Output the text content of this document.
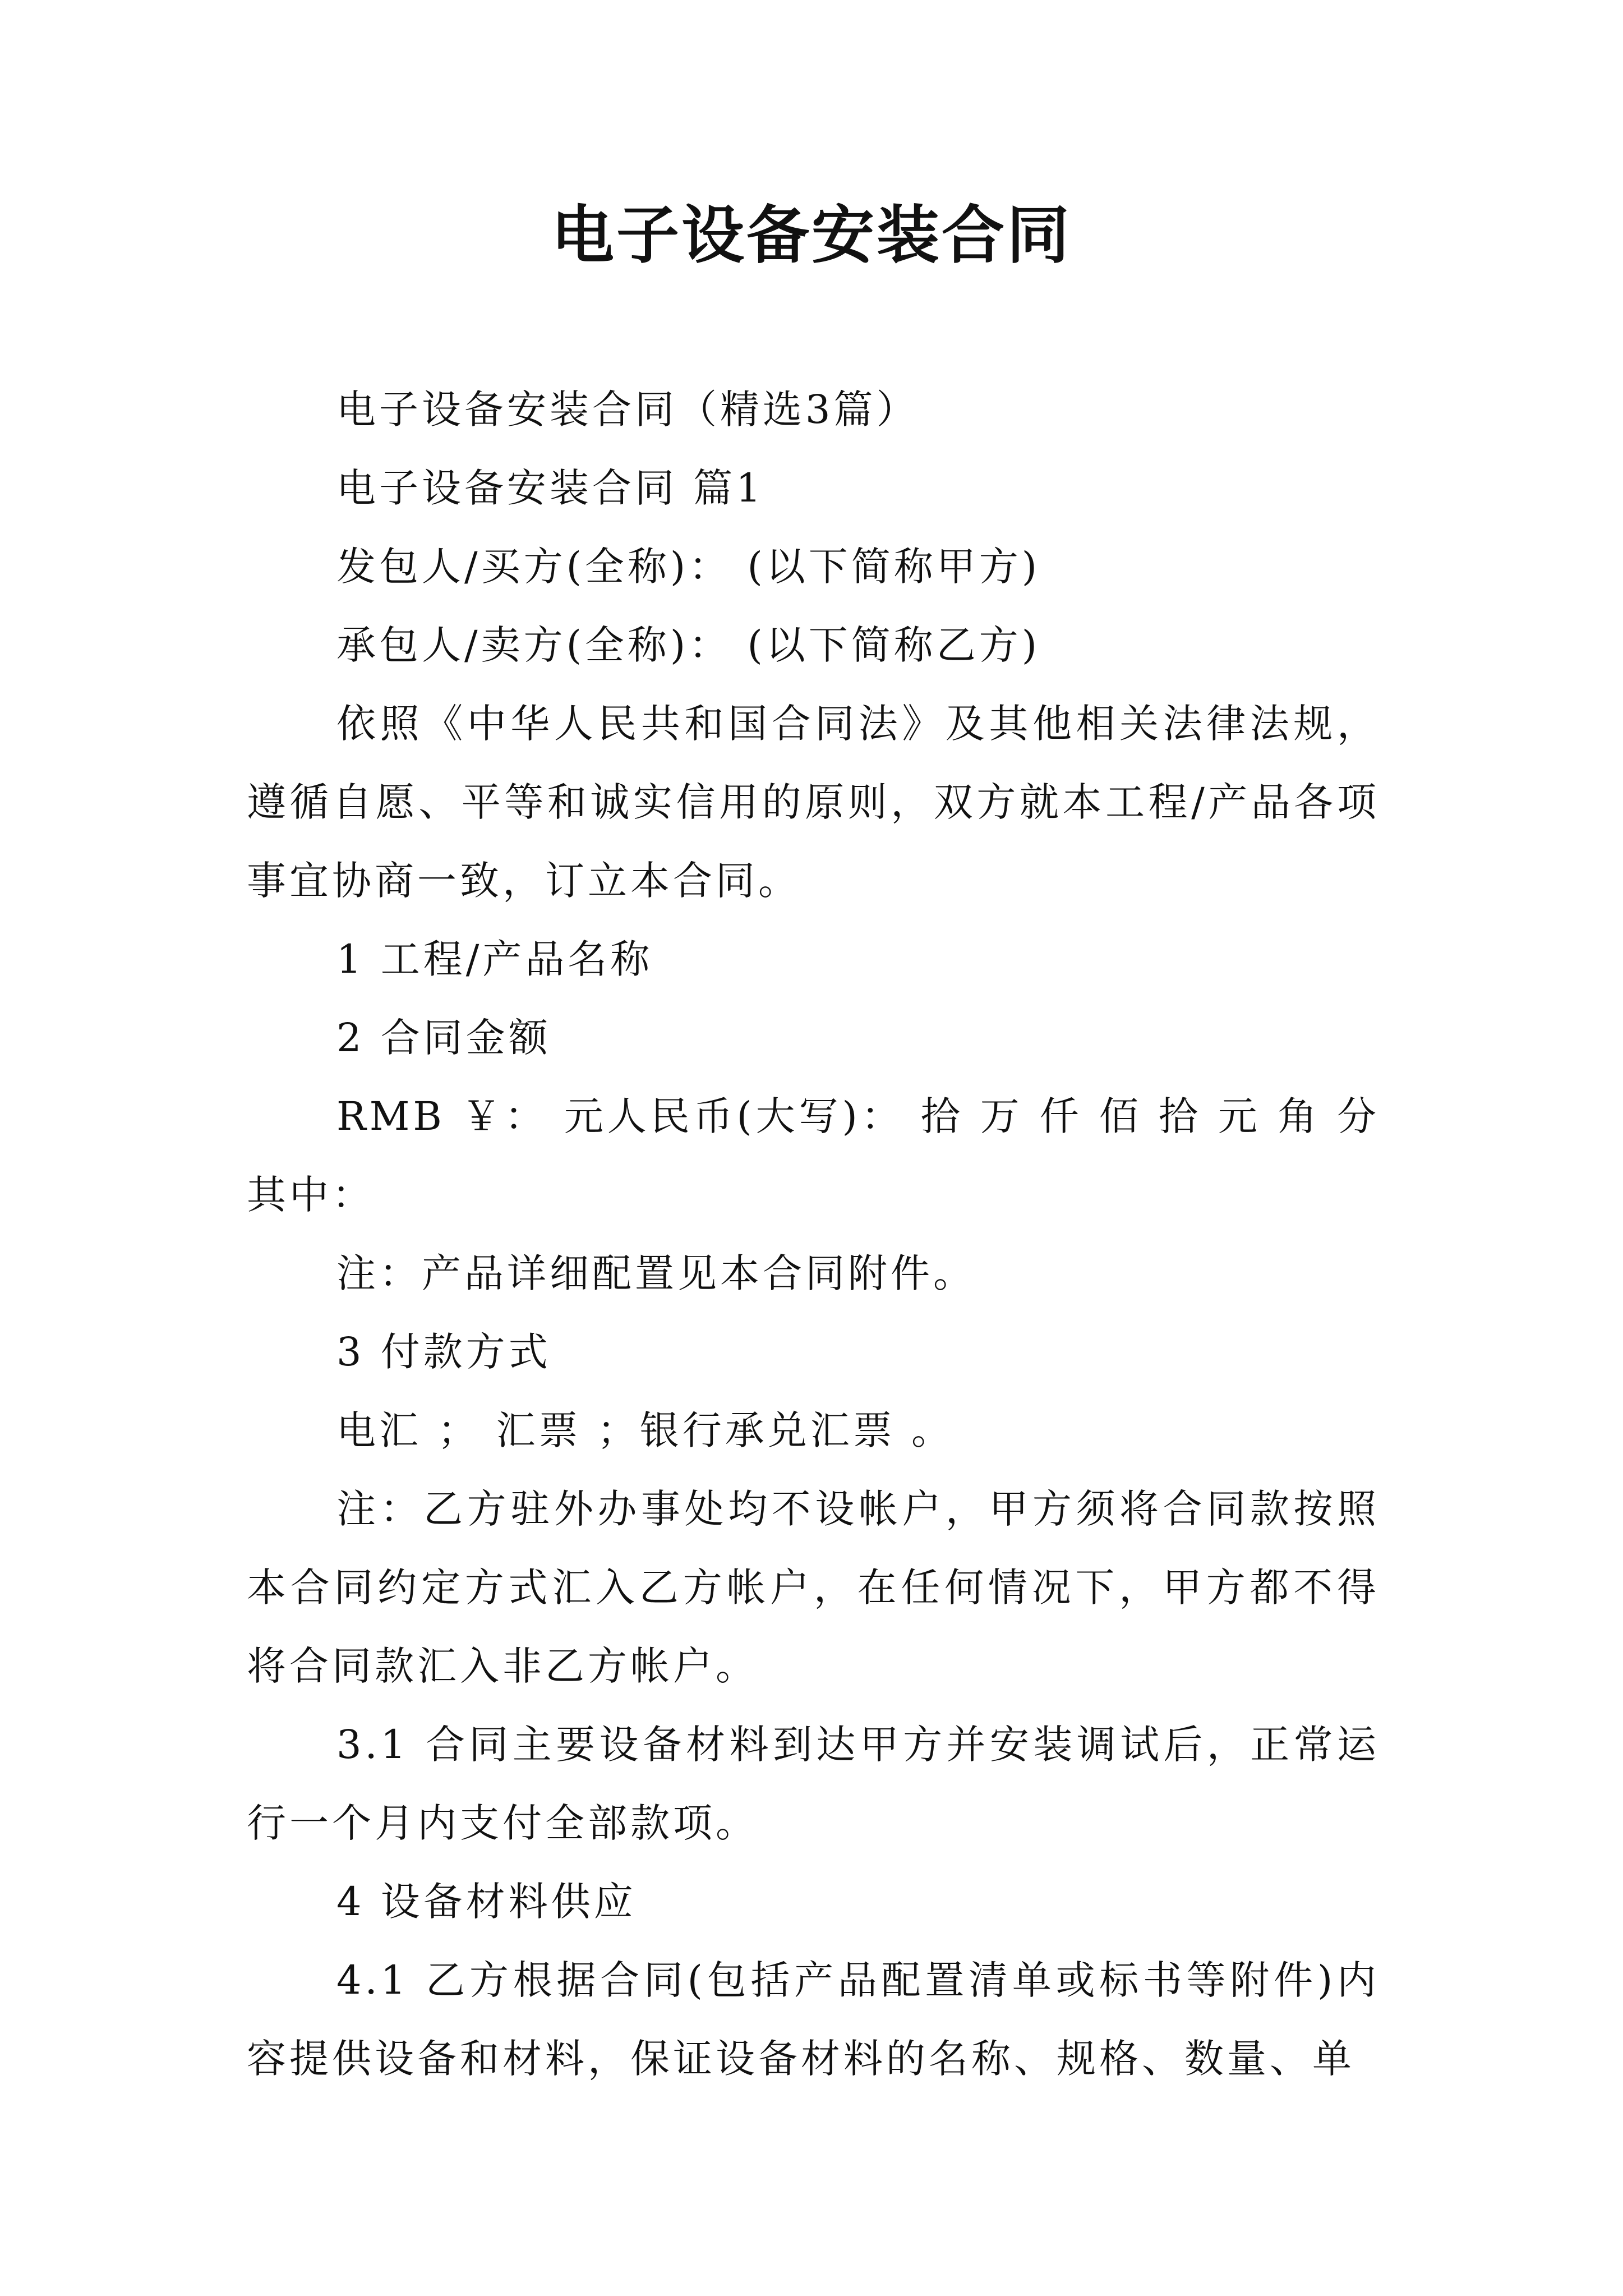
电子设备安装合同

电子设备安装合同（精选3篇）

电子设备安装合同 篇1

发包人/买方(全称)： (以下简称甲方)

承包人/卖方(全称)： (以下简称乙方)

依照《中华人民共和国合同法》及其他相关法律法规，遵循自愿、平等和诚实信用的原则，双方就本工程/产品各项事宜协商一致，订立本合同。

1 工程/产品名称

2 合同金额

RMB ￥： 元人民币(大写)： 拾 万 仟 佰 拾 元 角 分 其中：

注：产品详细配置见本合同附件。

3 付款方式

电汇 ； 汇票 ；银行承兑汇票 。

注：乙方驻外办事处均不设帐户，甲方须将合同款按照本合同约定方式汇入乙方帐户，在任何情况下，甲方都不得将合同款汇入非乙方帐户。

3.1 合同主要设备材料到达甲方并安装调试后，正常运行一个月内支付全部款项。

4 设备材料供应

4.1 乙方根据合同(包括产品配置清单或标书等附件)内容提供设备和材料，保证设备材料的名称、规格、数量、单
